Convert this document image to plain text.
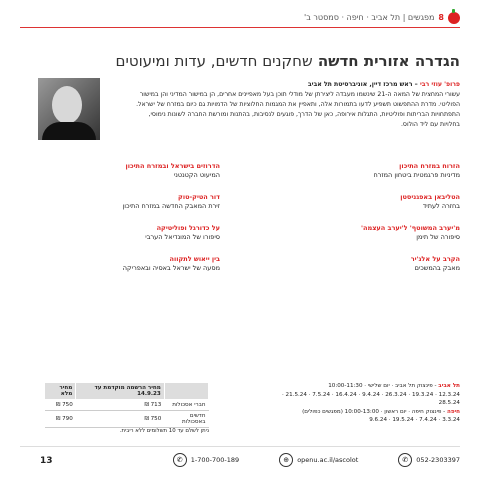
8
מפגשים | תל אביב · חיפה · סמסטר ב'
הגדרה אזורית חדשה שחקנים חדשים, עדות ומיעוטים
פרופ' עוזי רבי – ראש מרכז דיין, אוניברסיטת תל אביב
עשורי המחצית של המאה ה-21 שינשמו מעבדה ליצירתן של מודלי תוכן בעל מאפיינים אחרים, הן במישור המדיני והן במישור הפוליטי. מדרת ההתפשוט תשפיע לדעו בתמורות אלה, ותאפיין את המגמות החלוציות של הדמויות גם כיום במזרח של ישראל. התפתחויות הבריתות ופוליטיות, התגלות אירופה, כאן של הדרך, פוגעים לנסיבות, בהתנות ומורשת החברה לשונות נימוסי, בחלויות עם ליד הולוס.
הזרוח במזרח התיכון
מדיניות פרגמטית ביטחון המזרח
הטליבאן באפגניסטן
בחזרה לעתיד
מ'יערב המשוטף' ל'יערב העצמה'
סיפורה של תימן
הקרב על אלג'יר
מאבק בהמשכים
הדרוזים בישראל ובמזרח התיכון
המיעוט הקטנטני
דור הטיק-טוק
זירת המאבק החדשה במזרח התיכון
על כדורגל ופוליטיקה
סיפורו של המונדיאל הערבי
בין ייאוש לתקווה
מסעה של ישראל באסיה ובאפריקה
תל אביב - פינצוק תל אביב · יום שלישי · 10:00-11:30
12.3.24 · 19.3.24 · 26.3.24 · 9.4.24 · 16.4.24 · 7.5.24 · 21.5.24 · 28.5.24
חיפה - פינצוק חיפה · יום ראשון · 10:00-13:00 (מפגשים כפולים)
3.3.24 · 7.4.24 · 19.5.24 · 9.6.24
	מחיר הרשמה מוקדמת עד 14.9.23	מחיר מלא
חברי אסכולות	713 ₪	750 ₪
חדשים באסכולות	750 ₪	790 ₪
ניתן לשלם עד 10 תשלומים ללא ריבית.
✆	052-2303397
⊕	openu.ac.il/ascolot
✆	1-700-700-189
13
